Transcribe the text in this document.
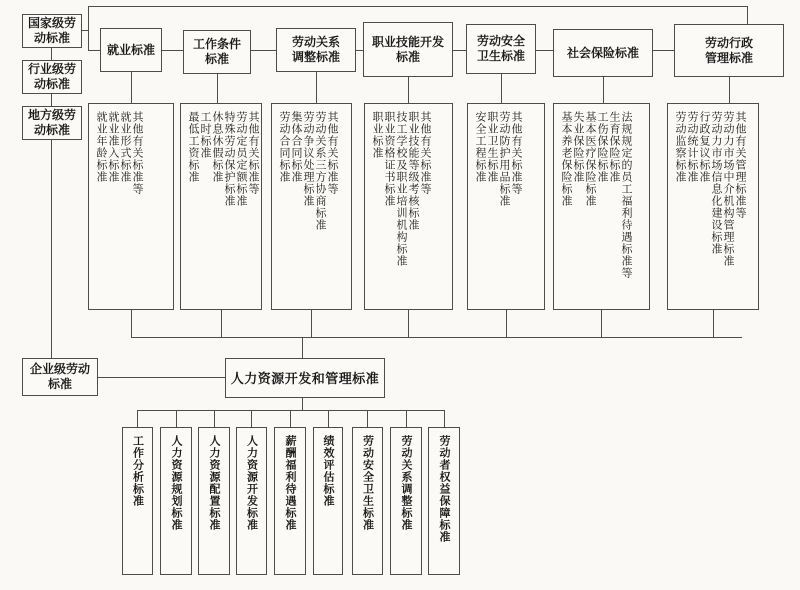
国家级劳动标准
行业级劳动标准
地方级劳动标准
企业级劳动标准	人力资源开发和管理标准
就业标准
就业年龄标准 就业准入标准 就业形式标准 其他有关标准等
工作条件标准
最低工资标准 工时标准 休息休假标准 特殊劳动保护标准 劳动定员定额标准 其他有关标准等
劳动关系调整标准
劳动合同标准 集体合同标准 劳动争议处理标准 劳动关系三方协商标准 其他有关标准等
职业技能开发标准
职业标准 职业资格证书标准 技工学校及职业培训机构标准 职业技能等级考核标准 其他有关标准等
劳动安全卫生标准
安全工程标准 职业卫生标准 劳动防护用品标准 其他有关标准等
社会保险标准
基本养老保险标准 失业保险标准 基本医疗保险标准 工伤保险标准 生育保险标准 法规规定的员工福利待遇标准等
劳动行政管理标准
劳动监察标准 劳动统计标准 行政复议标准 劳动力市场信息化建设标准 劳动力市场中介机构管理标准 其他有关管理标准等
工作分析标准 人力资源规划标准 人力资源配置标准 人力资源开发标准 薪酬福利待遇标准 绩效评估标准	劳动安全卫生标准 劳动关系调整标准 劳动者权益保障标准
